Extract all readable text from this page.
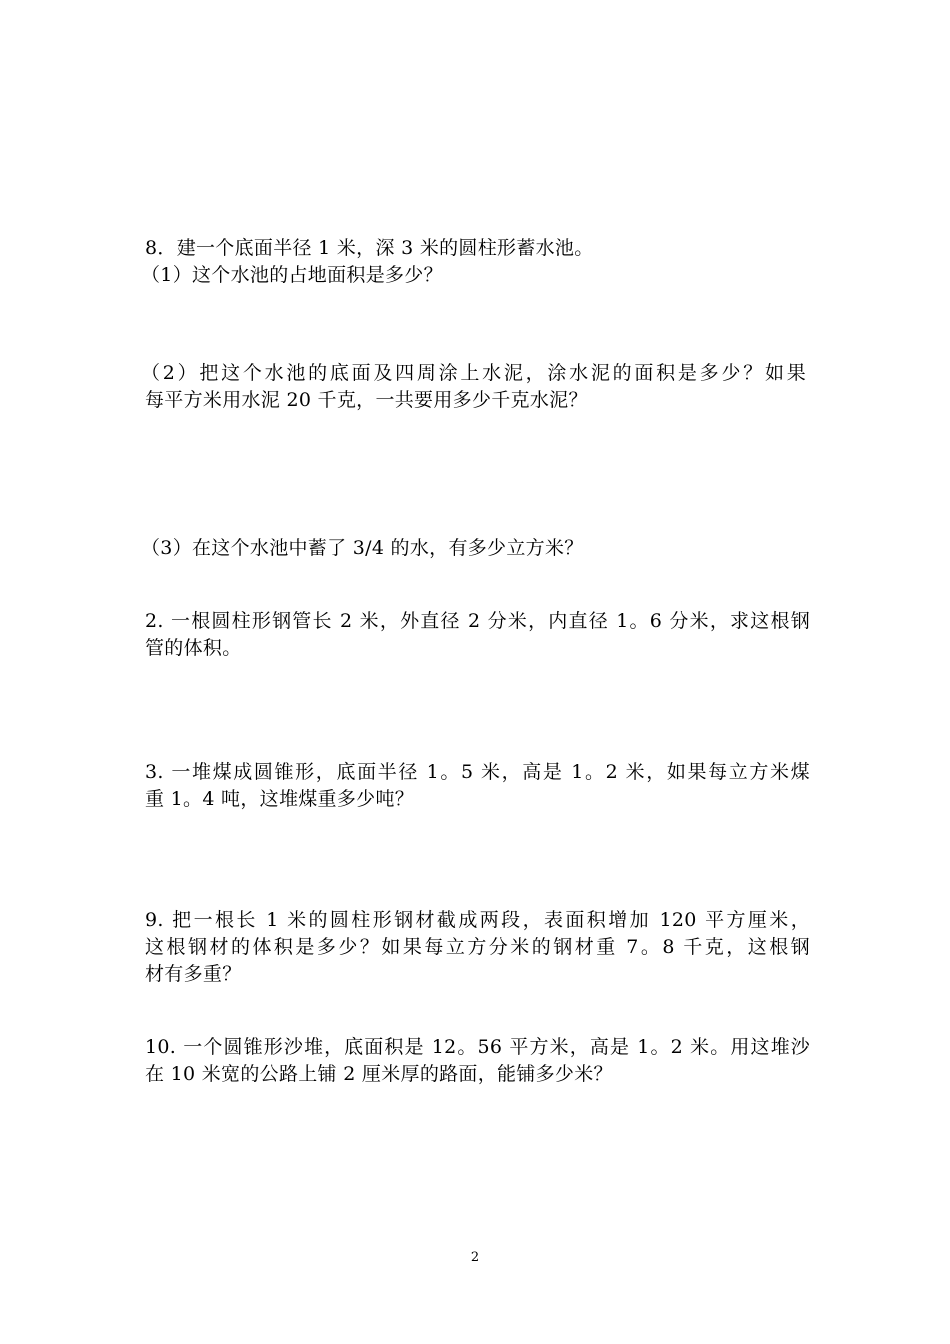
8．建一个底面半径 1 米，深 3 米的圆柱形蓄水池。
（1）这个水池的占地面积是多少？
（2）把这个水池的底面及四周涂上水泥，涂水泥的面积是多少？如果
每平方米用水泥 20 千克，一共要用多少千克水泥？
（3）在这个水池中蓄了 3/4 的水，有多少立方米？
2. 一根圆柱形钢管长 2 米，外直径 2 分米，内直径 1。6 分米，求这根钢
管的体积。
3. 一堆煤成圆锥形，底面半径 1。5 米，高是 1。2 米，如果每立方米煤
重 1。4 吨，这堆煤重多少吨？
9. 把一根长 1 米的圆柱形钢材截成两段，表面积增加 120 平方厘米，
这根钢材的体积是多少？如果每立方分米的钢材重 7。8 千克，这根钢
材有多重？
10. 一个圆锥形沙堆，底面积是 12。56 平方米，高是 1。2 米。用这堆沙
在 10 米宽的公路上铺 2 厘米厚的路面，能铺多少米？
2
